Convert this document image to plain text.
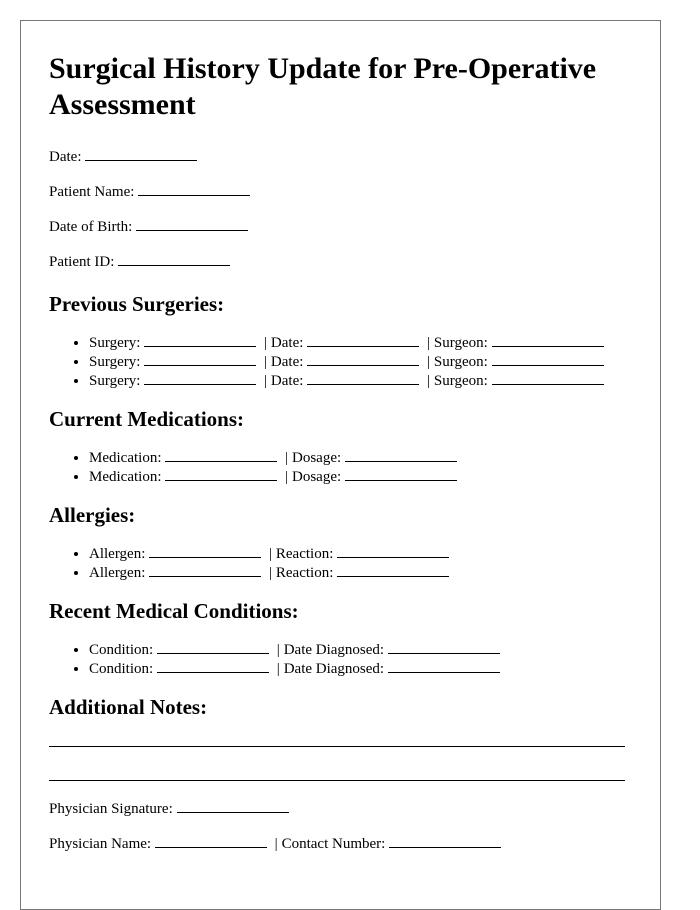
Surgical History Update for Pre-Operative Assessment
Date:
Patient Name:
Date of Birth:
Patient ID:
Previous Surgeries:
• Surgery:	| Date:	| Surgeon:
• Surgery:	| Date:	| Surgeon:
• Surgery:	| Date:	| Surgeon:
Current Medications:
• Medication:	| Dosage:
• Medication:	| Dosage:
Allergies:
• Allergen:	| Reaction:
• Allergen:	| Reaction:
Recent Medical Conditions:
• Condition:	| Date Diagnosed:
• Condition:	| Date Diagnosed:
Additional Notes:
Physician Signature:
Physician Name:	| Contact Number:
